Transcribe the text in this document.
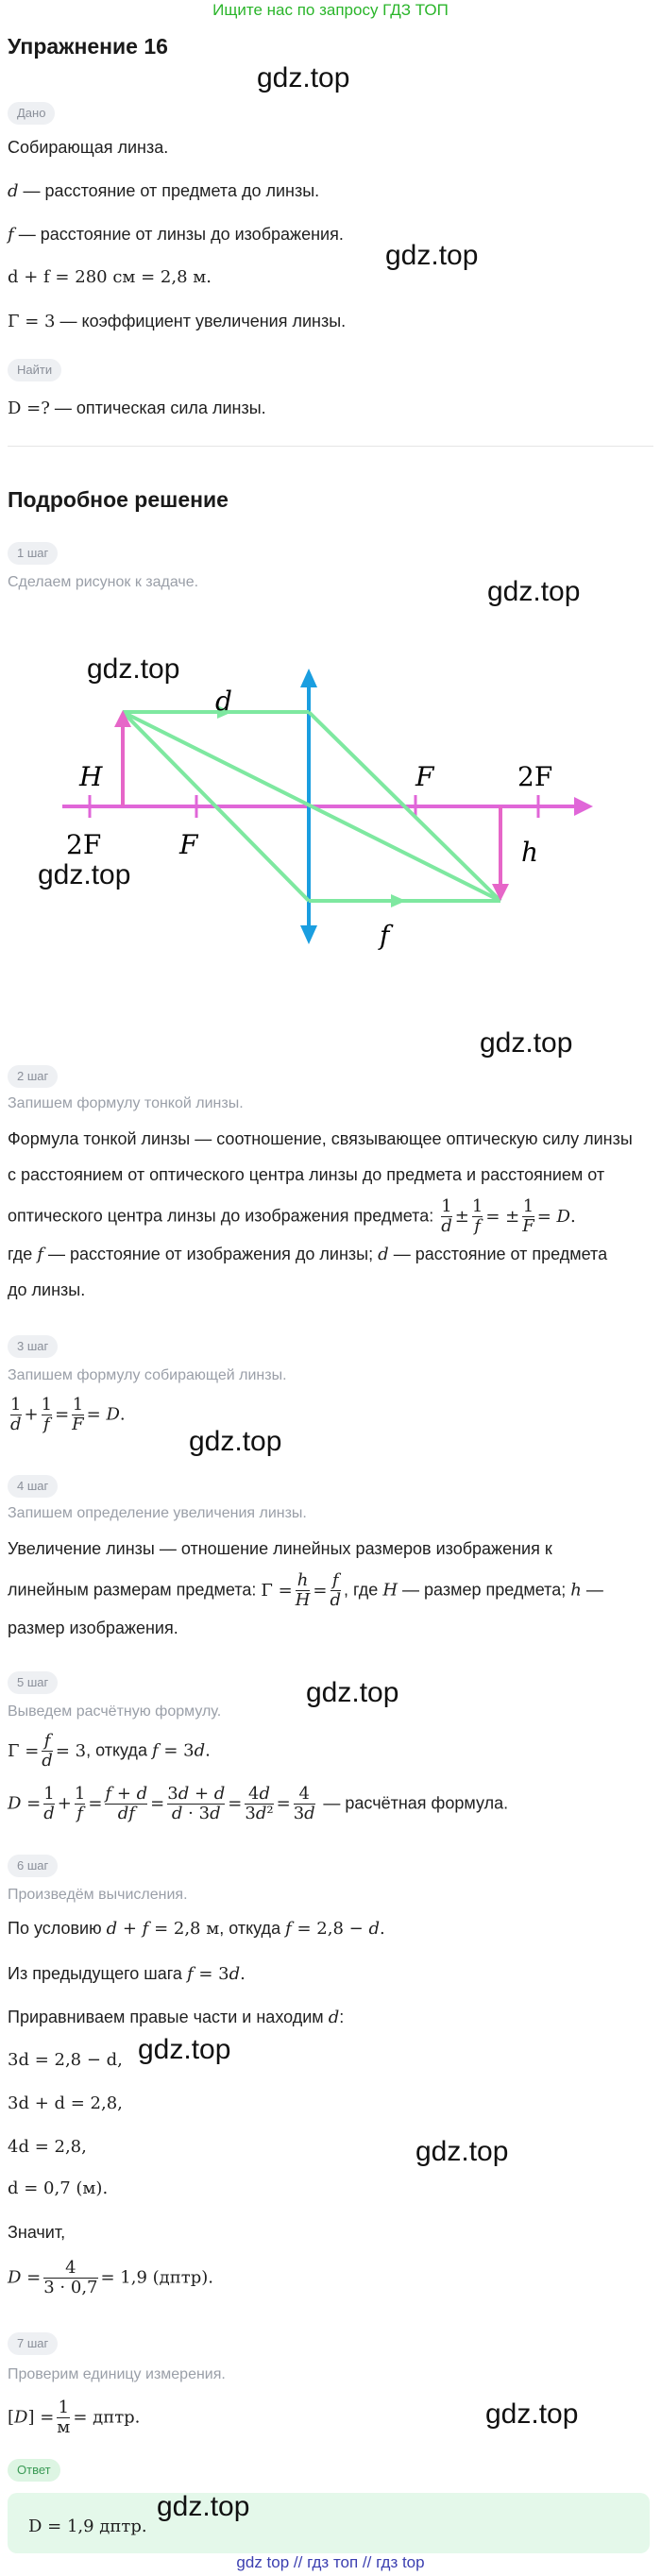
Ищите нас по запросу ГДЗ ТОП
Упражнение 16
Дано
Собирающая линза.
d — расстояние от предмета до линзы.
f — расстояние от линзы до изображения.
d + f = 280 см = 2,8 м.
Γ = 3 — коэффициент увеличения линзы.
Найти
D =? — оптическая сила линзы.
Подробное решение
1 шаг
Сделаем рисунок к задаче.
d
H	F	2F
h
2F	F
f
2 шаг
Запишем формулу тонкой линзы.
Формула тонкой линзы — соотношение, связывающее оптическую силу линзы
с расстоянием от оптического центра линзы до предмета и расстоянием от
оптического центра линзы до изображения предмета: $\frac{1}{d} \pm \frac{1}{f}$ = ± $\frac{1}{F} = D$.
где f — расстояние от изображения до линзы; d — расстояние от предмета
до линзы.
3 шаг
Запишем формулу собирающей линзы.
$\frac{1}{d} + \frac{1}{f} = \frac{1}{F} = D$.
4 шаг
Запишем определение увеличения линзы.
Увеличение линзы — отношение линейных размеров изображения к
линейным размерам предмета: $\Gamma = \frac{h}{H} = \frac{f}{d}$ , где H — размер предмета; h —
размер изображения.
5 шаг
Выведем расчётную формулу.
$\Gamma = \frac{f}{d} = 3$, откуда f = 3d.
$D = \frac{1}{d} + \frac{1}{f} = \frac{f + d}{df} = \frac{3d + d}{d \cdot 3d} = \frac{4d}{\text{3d²}} = \frac{4}{3d}$ — расчётная формула.
6 шаг
Произведём вычисления.
По условию d + f = 2,8 м, откуда f = 2,8 − d.
Из предыдущего шага f = 3d.
Приравниваем правые части и находим d:
3d = 2,8 − d,
3d + d = 2,8,
4d = 2,8,
d = 0,7 (м).
Значит,
$D = \frac{4}{3 \cdot 0,7} = 1,9$ (дптр).
7 шаг
Проверим единицу измерения.
$[D] = \frac{1}{м}$ = дптр.
Ответ
D = 1,9 дптр.
gdz.top
gdz.top
gdz.top
gdz.top
gdz.top
gdz.top
gdz.top
gdz.top
gdz.top
gdz.top
gdz.top
gdz.top
gdz top // гдз топ // гдз top
